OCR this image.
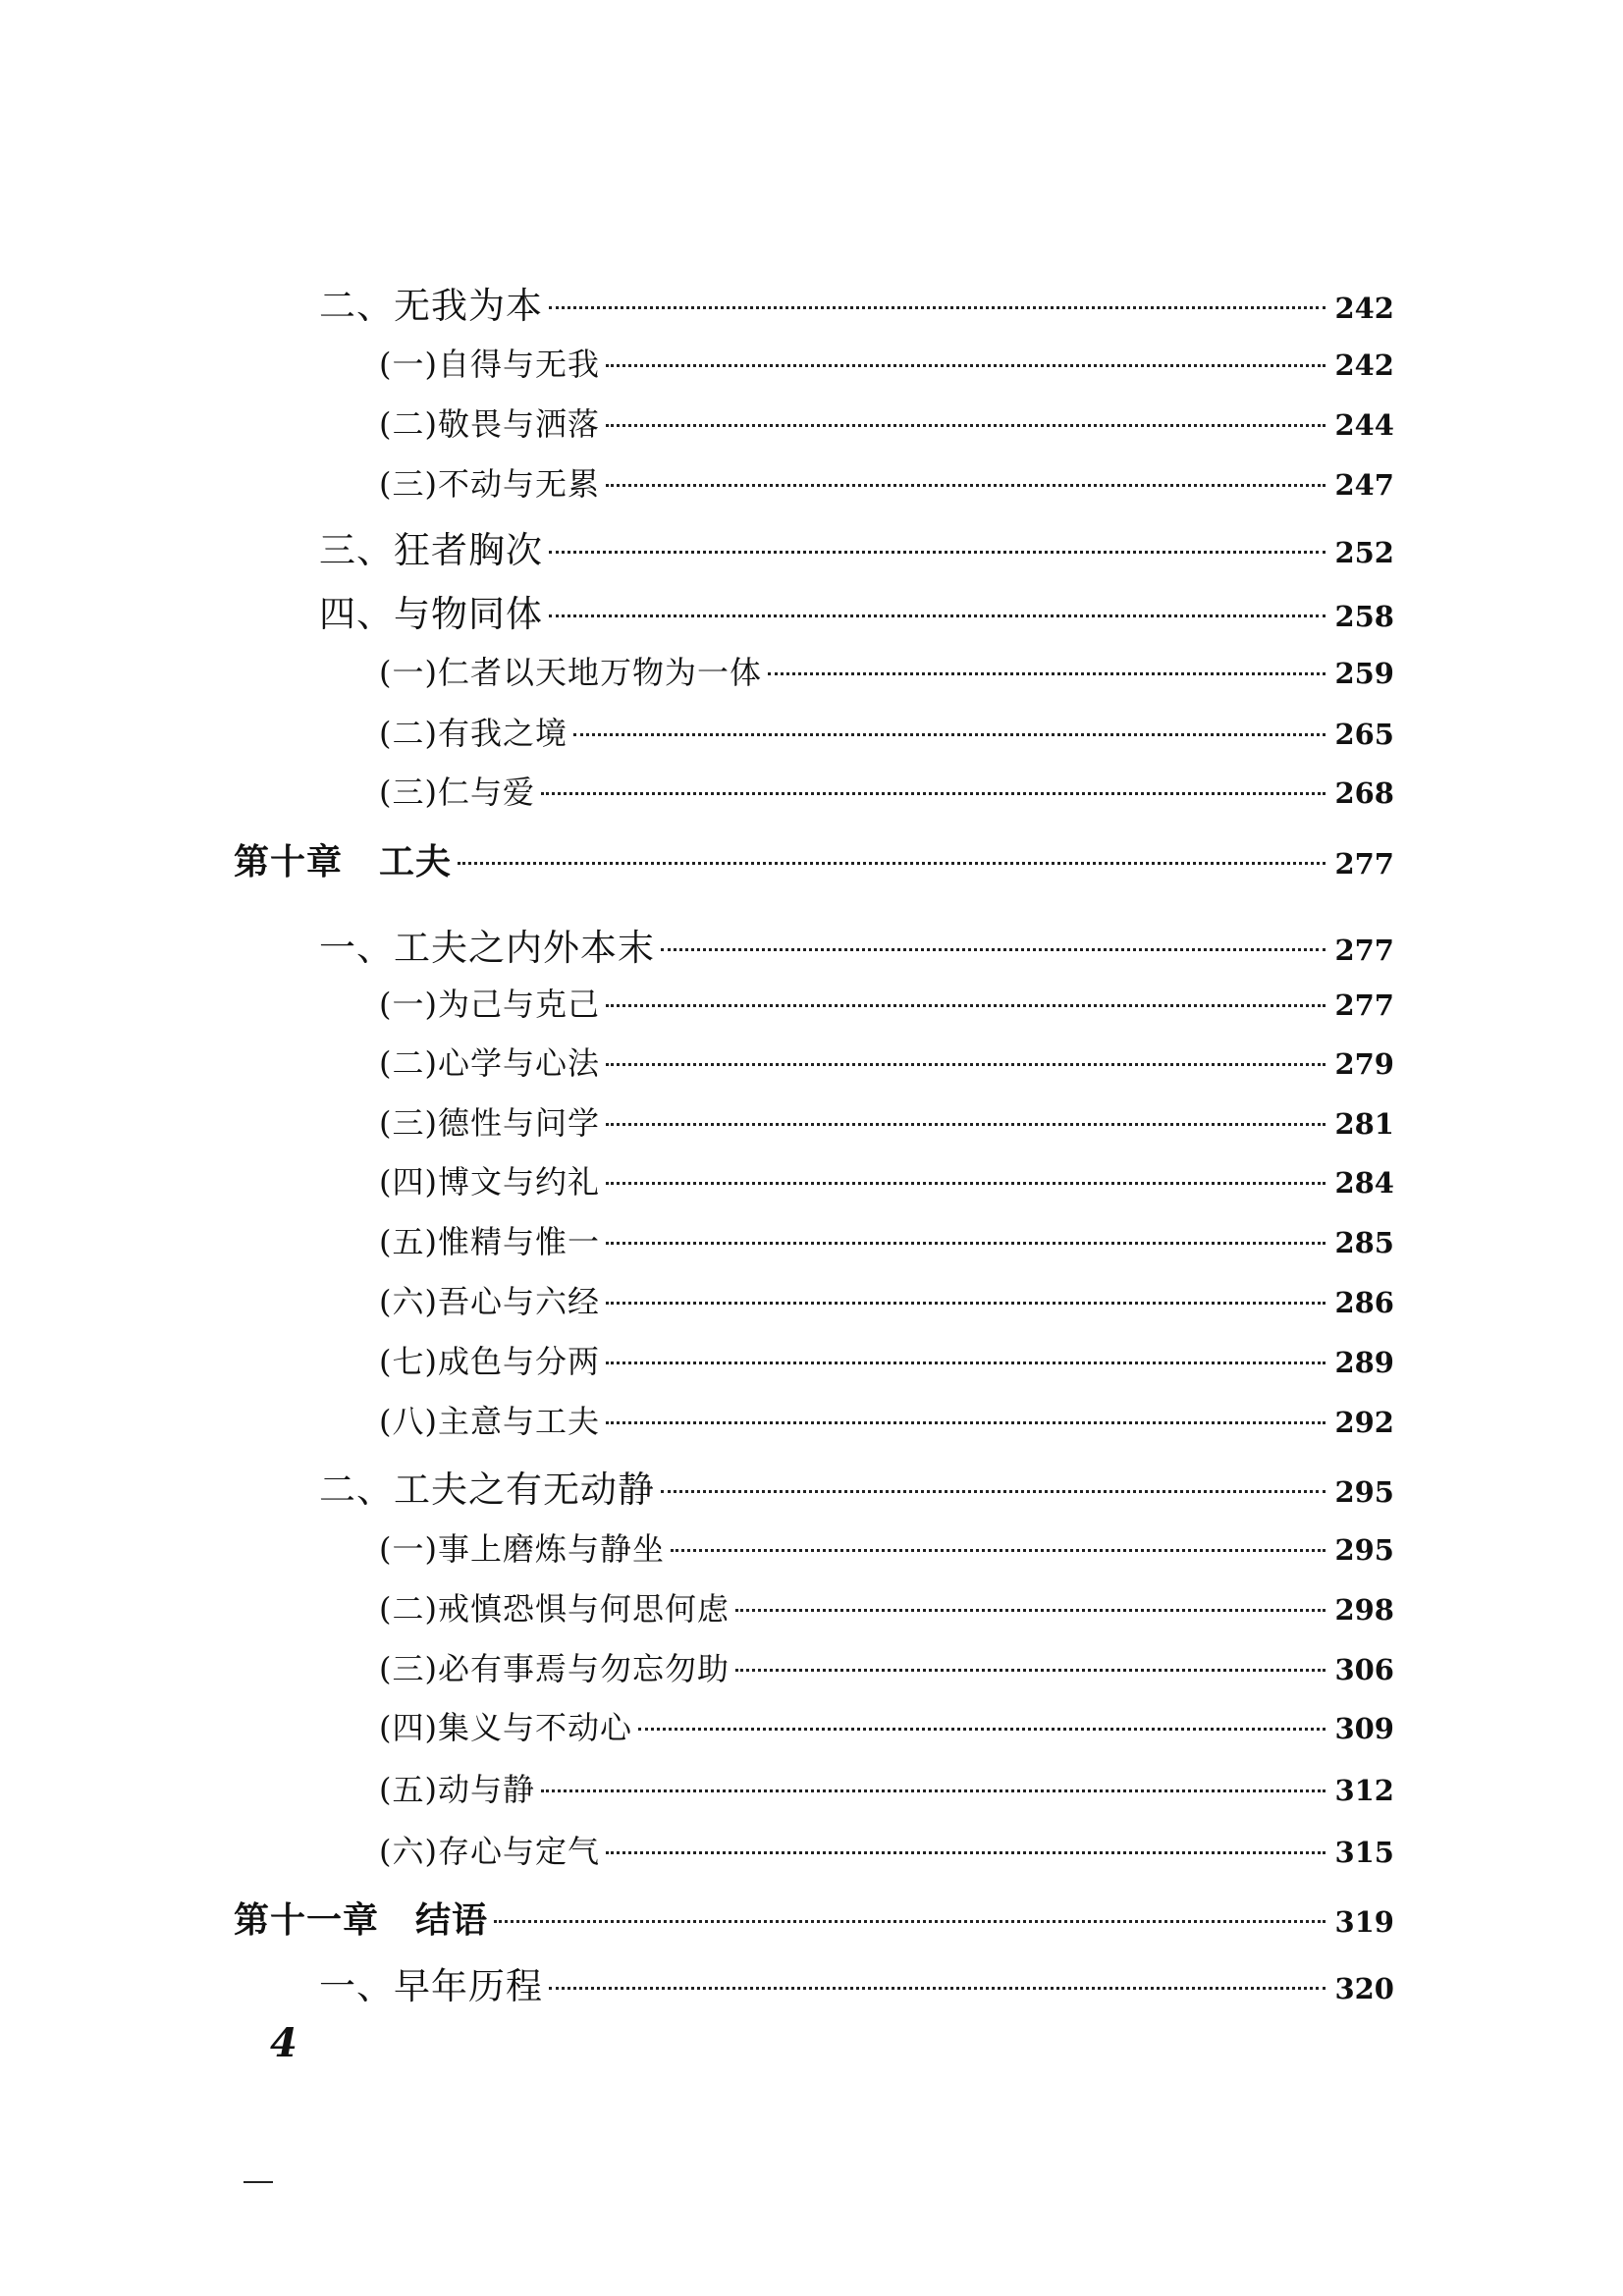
二、无我为本	242
(一)自得与无我	242
(二)敬畏与洒落	244
(三)不动与无累	247
三、狂者胸次	252
四、与物同体	258
(一)仁者以天地万物为一体	259
(二)有我之境	265
(三)仁与爱	268
第十章　工夫	277
一、工夫之内外本末	277
(一)为己与克己	277
(二)心学与心法	279
(三)德性与问学	281
(四)博文与约礼	284
(五)惟精与惟一	285
(六)吾心与六经	286
(七)成色与分两	289
(八)主意与工夫	292
二、工夫之有无动静	295
(一)事上磨炼与静坐	295
(二)戒慎恐惧与何思何虑	298
(三)必有事焉与勿忘勿助	306
(四)集义与不动心	309
(五)动与静	312
(六)存心与定气	315
第十一章　结语	319
一、早年历程	320
4
